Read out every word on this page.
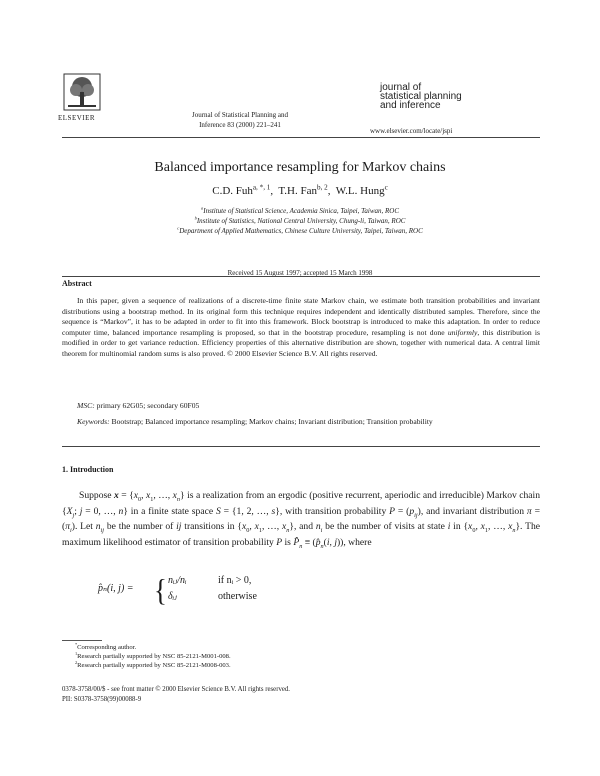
ELSEVIER	Journal of Statistical Planning and
Inference 83 (2000) 221–241
journal of
statistical planning
and inference
www.elsevier.com/locate/jspi
Balanced importance resampling for Markov chains
C.D. Fuh$^{a, *, 1}$,  T.H. Fan$^{b, 2}$,  W.L. Hung$^c$
$^a$Institute of Statistical Science, Academia Sinica, Taipei, Taiwan, ROC
$^b$Institute of Statistics, National Central University, Chung-li, Taiwan, ROC
$^c$Department of Applied Mathematics, Chinese Culture University, Taipei, Taiwan, ROC
Received 15 August 1997; accepted 15 March 1998
Abstract

In this paper, given a sequence of realizations of a discrete-time finite state Markov chain, we estimate both transition probabilities and invariant distributions using a bootstrap method. In its original form this technique requires independent and identically distributed samples. Therefore, since the sequence is “Markov”, it has to be adapted in order to fit into this framework. Block bootstrap is introduced to make this adaptation. In order to reduce computer time, balanced importance resampling is proposed, so that in the bootstrap procedure, resampling is not done uniformly, this distribution is modified in order to get variance reduction. Efficiency properties of this alternative distribution are shown, together with numerical data. A central limit theorem for multinomial random sums is also proved. © 2000 Elsevier Science B.V. All rights reserved.

MSC: primary 62G05; secondary 60F05
Keywords: Bootstrap; Balanced importance resampling; Markov chains; Invariant distribution; Transition probability
1. Introduction

Suppose $x = \{x_0$, $x_1$, …, $x_n$} is a realization from an ergodic (positive recurrent, aperiodic and irreducible) Markov chain {$X_j$; j = 0, …, n} in a finite state space S = {1, 2, …, s}, with transition probability $P = (p_{ij})$, and invariant distribution $\pi = (\pi_i)$. Let $n_{ij}$ be the number of ij transitions in {$x_0$, $x_1$, …, $x_n$}, and $n_i$ be the number of visits at state i in {$x_0$, $x_1$, …, $x_n$}. The maximum likelihood estimator of transition probability P is $P̂_n$ ≡ ($p̂_n(i$, j)), where

p̂ₙ(i, j) = { nᵢⱼ/nᵢ	if nᵢ > 0,
δᵢⱼ	otherwise
*Corresponding author.
$^1$Research partially supported by NSC 85-2121-M001-008.
$^2$Research partially supported by NSC 85-2121-M008-003.
0378-3758/00/$ - see front matter © 2000 Elsevier Science B.V. All rights reserved.
PII: S0378-3758(99)00088-9
